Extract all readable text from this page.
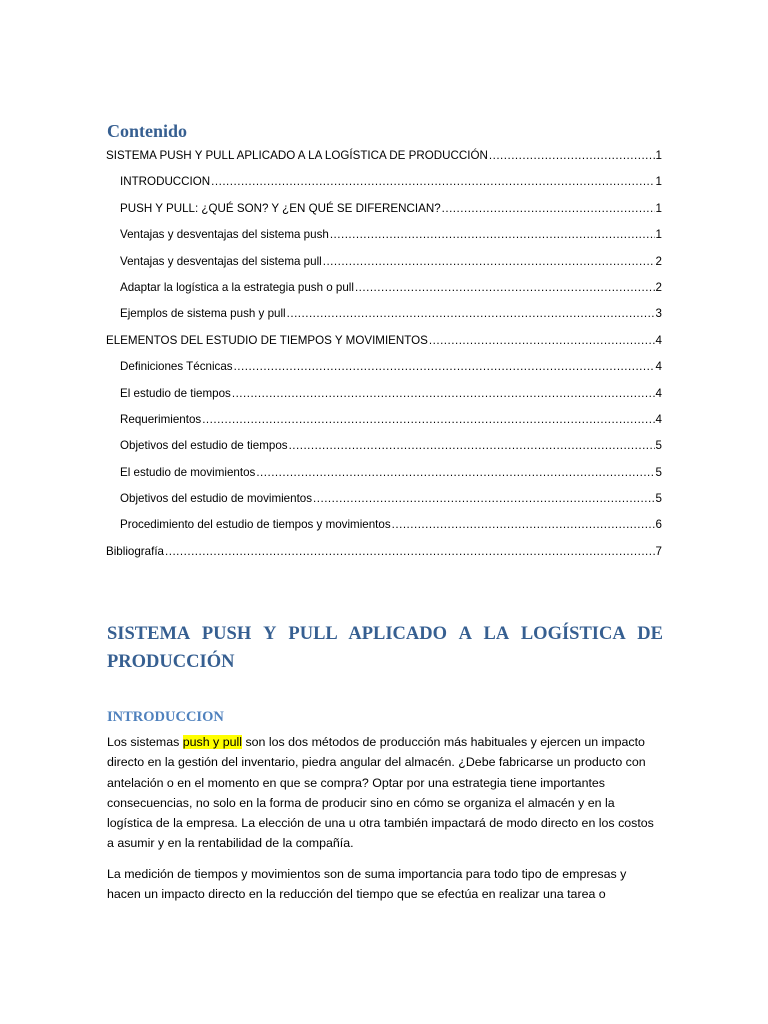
Contenido
SISTEMA PUSH Y PULL APLICADO A LA LOGÍSTICA DE PRODUCCIÓN .....	1
INTRODUCCION .....	1
PUSH Y PULL: ¿QUÉ SON? Y ¿EN QUÉ SE DIFERENCIAN? .....	1
Ventajas y desventajas del sistema push .....	1
Ventajas y desventajas del sistema pull .....	2
Adaptar la logística a la estrategia push o pull .....	2
Ejemplos de sistema push y pull .....	3
ELEMENTOS DEL ESTUDIO DE TIEMPOS Y MOVIMIENTOS .....	4
Definiciones Técnicas .....	4
El estudio de tiempos .....	4
Requerimientos .....	4
Objetivos del estudio de tiempos .....	5
El estudio de movimientos .....	5
Objetivos del estudio de movimientos .....	5
Procedimiento del estudio de tiempos y movimientos .....	6
Bibliografía .....	7
SISTEMA PUSH Y PULL APLICADO A LA LOGÍSTICA DE PRODUCCIÓN
INTRODUCCION

Los sistemas push y pull son los dos métodos de producción más habituales y ejercen un impacto directo en la gestión del inventario, piedra angular del almacén. ¿Debe fabricarse un producto con antelación o en el momento en que se compra? Optar por una estrategia tiene importantes consecuencias, no solo en la forma de producir sino en cómo se organiza el almacén y en la logística de la empresa. La elección de una u otra también impactará de modo directo en los costos a asumir y en la rentabilidad de la compañía.

La medición de tiempos y movimientos son de suma importancia para todo tipo de empresas y hacen un impacto directo en la reducción del tiempo que se efectúa en realizar una tarea o
